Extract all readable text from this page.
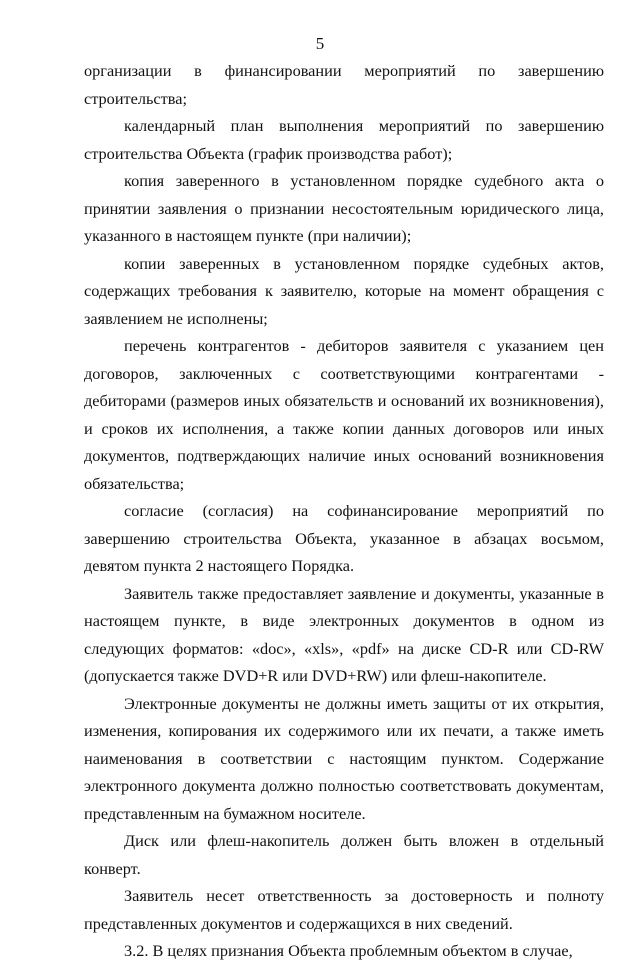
5

организации в финансировании мероприятий по завершению строительства;

календарный план выполнения мероприятий по завершению строительства Объекта (график производства работ);

копия заверенного в установленном порядке судебного акта о принятии заявления о признании несостоятельным юридического лица, указанного в настоящем пункте (при наличии);

копии заверенных в установленном порядке судебных актов, содержащих требования к заявителю, которые на момент обращения с заявлением не исполнены;

перечень контрагентов - дебиторов заявителя с указанием цен договоров, заключенных с соответствующими контрагентами - дебиторами (размеров иных обязательств и оснований их возникновения), и сроков их исполнения, а также копии данных договоров или иных документов, подтверждающих наличие иных оснований возникновения обязательства;

согласие (согласия) на софинансирование мероприятий по завершению строительства Объекта, указанное в абзацах восьмом, девятом пункта 2 настоящего Порядка.

Заявитель также предоставляет заявление и документы, указанные в настоящем пункте, в виде электронных документов в одном из следующих форматов: «doc», «xls», «pdf» на диске CD-R или CD-RW (допускается также DVD+R или DVD+RW) или флеш-накопителе.

Электронные документы не должны иметь защиты от их открытия, изменения, копирования их содержимого или их печати, а также иметь наименования в соответствии с настоящим пунктом. Содержание электронного документа должно полностью соответствовать документам, представленным на бумажном носителе.

Диск или флеш-накопитель должен быть вложен в отдельный конверт.

Заявитель несет ответственность за достоверность и полноту представленных документов и содержащихся в них сведений.

3.2. В целях признания Объекта проблемным объектом в случае,
